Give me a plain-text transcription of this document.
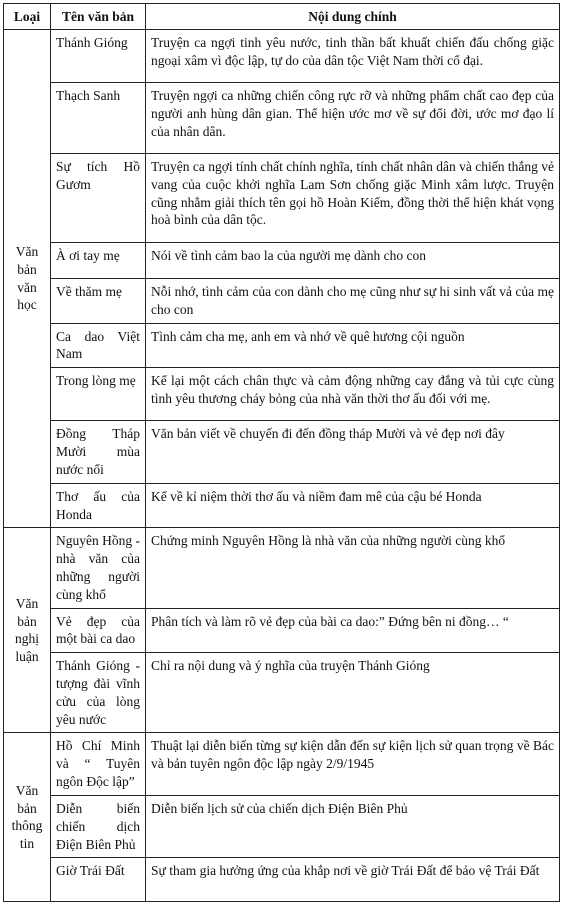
Loại	Tên văn bản	Nội dung chính
Văn bản văn học	Thánh Gióng	Truyện ca ngợi tinh yêu nước, tinh thần bất khuất chiến đấu chống giặc ngoại xâm vì độc lập, tự do của dân tộc Việt Nam thời cổ đại.
	Thạch Sanh	Truyện ngợi ca những chiến công rực rỡ và những phẩm chất cao đẹp của người anh hùng dân gian. Thể hiện ước mơ về sự đổi đời, ước mơ đạo lí của nhân dân.
	Sự tích Hồ Gươm	Truyện ca ngợi tính chất chính nghĩa, tính chất nhân dân và chiến thắng vẻ vang của cuộc khởi nghĩa Lam Sơn chống giặc Minh xâm lược. Truyện cũng nhằm giải thích tên gọi hồ Hoàn Kiếm, đồng thời thể hiện khát vọng hoà bình của dân tộc.
	À ơi tay mẹ	Nói về tình cảm bao la của người mẹ dành cho con
	Về thăm mẹ	Nỗi nhớ, tình cảm của con dành cho mẹ cũng như sự hi sinh vất vả của mẹ cho con
	Ca dao Việt Nam	Tình cảm cha mẹ, anh em và nhớ về quê hương cội nguồn
	Trong lòng mẹ	Kể lại một cách chân thực và cảm động những cay đắng và tủi cực cùng tình yêu thương cháy bỏng của nhà văn thời thơ ấu đối với mẹ.
	Đồng Tháp Mười mùa nước nổi	Văn bản viết về chuyến đi đến đồng tháp Mười và vẻ đẹp nơi đây
	Thơ ấu của Honda	Kể về kỉ niệm thời thơ ấu và niềm đam mê của cậu bé Honda
Văn bản nghị luận	Nguyên Hồng - nhà văn của những người cùng khổ	Chứng minh Nguyên Hồng là nhà văn của những người cùng khổ
	Vẻ đẹp của một bài ca dao	Phân tích và làm rõ vẻ đẹp của bài ca dao:” Đứng bên ni đồng… “
	Thánh Gióng - tượng đài vĩnh cửu của lòng yêu nước	Chỉ ra nội dung và ý nghĩa của truyện Thánh Gióng
Văn bản thông tin	Hồ Chí Minh và “ Tuyên ngôn Độc lập”	Thuật lại diễn biến từng sự kiện dẫn đến sự kiện lịch sử quan trọng về Bác và bản tuyên ngôn độc lập ngày 2/9/1945
	Diễn biến chiến dịch Điện Biên Phủ	Diễn biến lịch sử của chiến dịch Điện Biên Phủ
	Giờ Trái Đất	Sự tham gia hưởng ứng của khắp nơi về giờ Trái Đất để bảo vệ Trái Đất
